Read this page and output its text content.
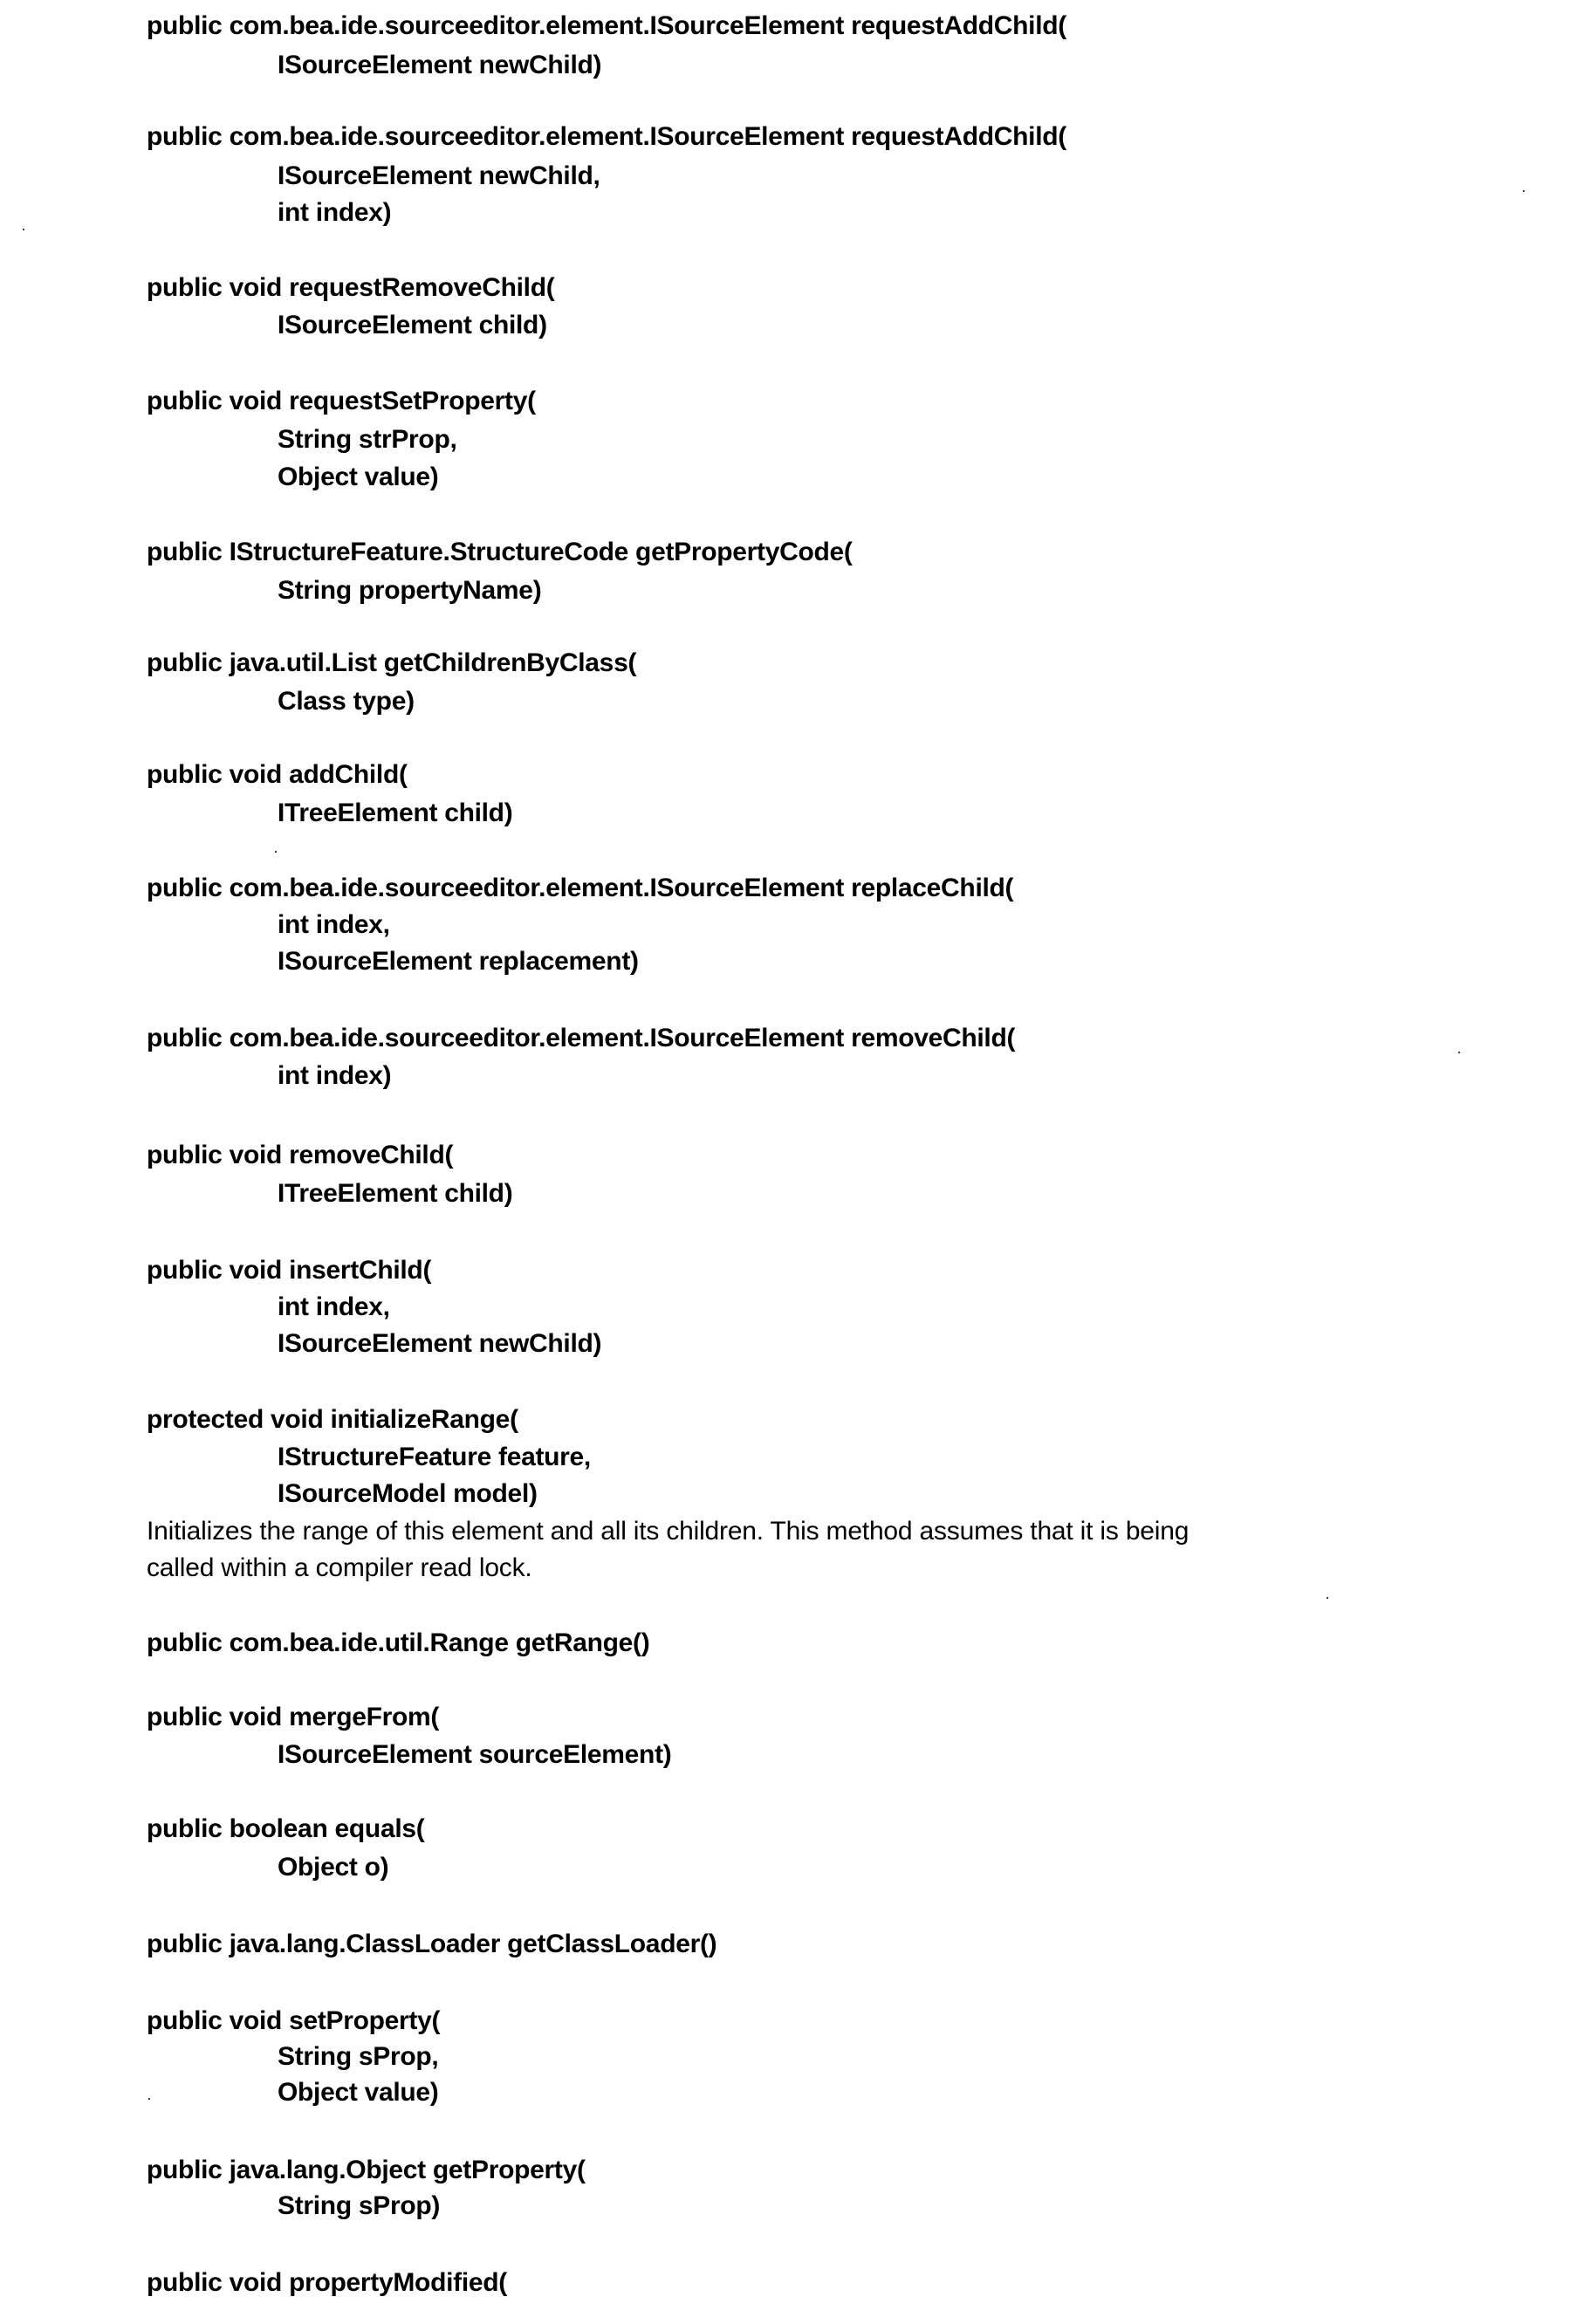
public com.bea.ide.sourceeditor.element.ISourceElement requestAddChild(
ISourceElement newChild)
public com.bea.ide.sourceeditor.element.ISourceElement requestAddChild(
ISourceElement newChild,
int index)
public void requestRemoveChild(
ISourceElement child)
public void requestSetProperty(
String strProp,
Object value)
public IStructureFeature.StructureCode getPropertyCode(
String propertyName)
public java.util.List getChildrenByClass(
Class type)
public void addChild(
ITreeElement child)
public com.bea.ide.sourceeditor.element.ISourceElement replaceChild(
int index,
ISourceElement replacement)
public com.bea.ide.sourceeditor.element.ISourceElement removeChild(
int index)
public void removeChild(
ITreeElement child)
public void insertChild(
int index,
ISourceElement newChild)
protected void initializeRange(
IStructureFeature feature,
ISourceModel model)
Initializes the range of this element and all its children. This method assumes that it is being
called within a compiler read lock.
public com.bea.ide.util.Range getRange()
public void mergeFrom(
ISourceElement sourceElement)
public boolean equals(
Object o)
public java.lang.ClassLoader getClassLoader()
public void setProperty(
String sProp,
Object value)
public java.lang.Object getProperty(
String sProp)
public void propertyModified(
